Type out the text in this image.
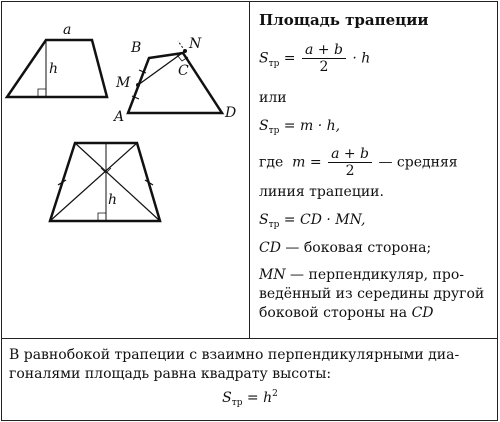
a
h
B	N
C
M
A	D
h
Площадь трапеции
$S_{тр} = \frac{a + b}{2} \cdot h$
или
$S_{тр} = m \cdot h$,
где $m = \frac{a + b}{2}$ — средняя
линия трапеции.
$S_{тр}$ = CD · MN,
CD — боковая сторона;
MN — перпендикуляр, проведённый из середины другой боковой стороны на CD
В равнобокой трапеции с взаимно перпендикулярными диагоналями площадь равна квадрату высоты:
$S_{тр} = h^2$
